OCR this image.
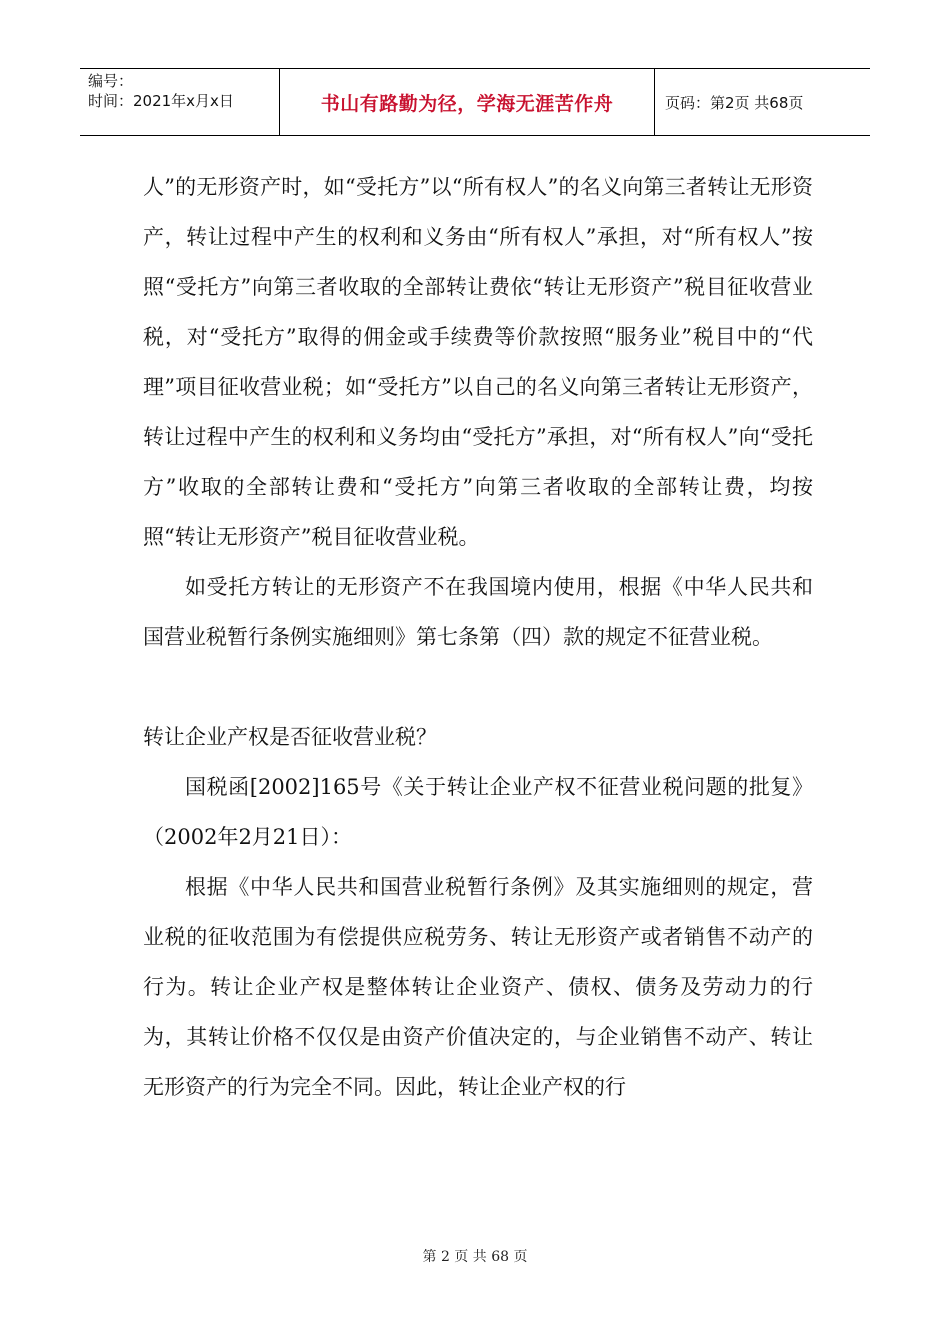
编号：
时间：2021年x月x日	书山有路勤为径，学海无涯苦作舟	页码：第2页 共68页

人”的无形资产时，如“受托方”以“所有权人”的名义向第三者转让无形资产，转让过程中产生的权利和义务由“所有权人”承担，对“所有权人”按照“受托方”向第三者收取的全部转让费依“转让无形资产”税目征收营业税，对“受托方”取得的佣金或手续费等价款按照“服务业”税目中的“代理”项目征收营业税；如“受托方”以自己的名义向第三者转让无形资产，转让过程中产生的权利和义务均由“受托方”承担，对“所有权人”向“受托方”收取的全部转让费和“受托方”向第三者收取的全部转让费，均按照“转让无形资产”税目征收营业税。

如受托方转让的无形资产不在我国境内使用，根据《中华人民共和国营业税暂行条例实施细则》第七条第（四）款的规定不征营业税。

转让企业产权是否征收营业税？

国税函[2002]165号《关于转让企业产权不征营业税问题的批复》（2002年2月21日）：

根据《中华人民共和国营业税暂行条例》及其实施细则的规定，营业税的征收范围为有偿提供应税劳务、转让无形资产或者销售不动产的行为。转让企业产权是整体转让企业资产、债权、债务及劳动力的行为，其转让价格不仅仅是由资产价值决定的，与企业销售不动产、转让无形资产的行为完全不同。因此，转让企业产权的行

第 2 页 共 68 页
